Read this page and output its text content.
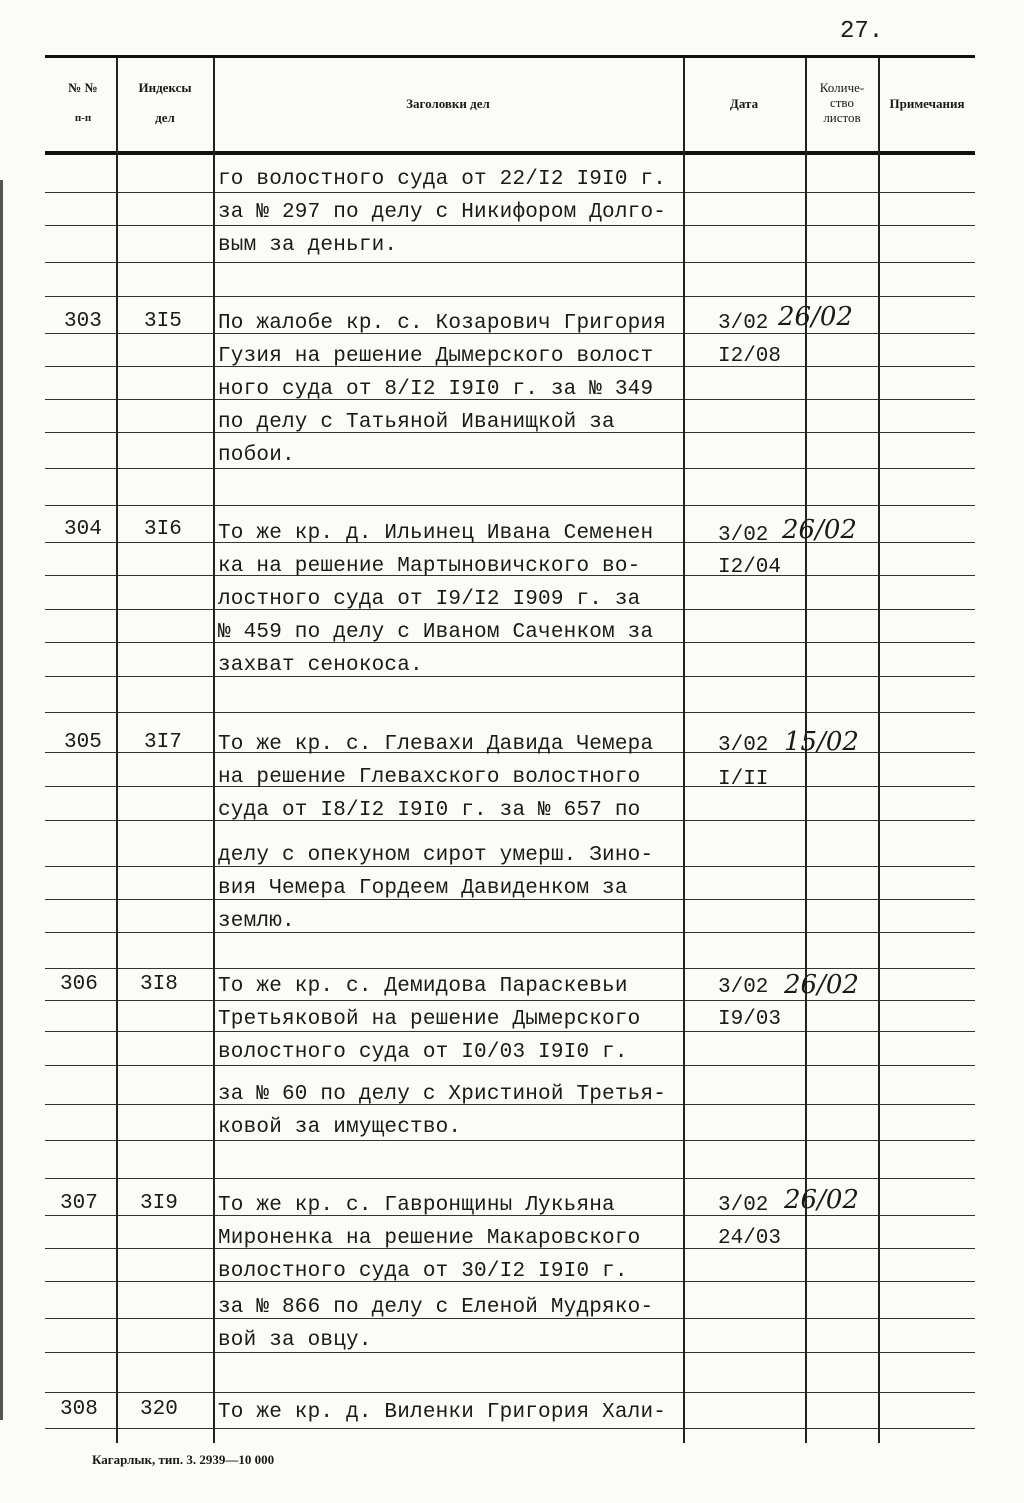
27.
№ №
п-п
Индексы
дел
Заголовки дел	Дата
Количе-
ство
листов
Примечания
го волостного суда от 22/I2 I9I0 г.
за № 297 по делу с Никифором Долго-
вым за деньги.
303 3I5 По жалобе кр. с. Козарович Григория
Гузия на решение Дымерского волост
ного суда от 8/I2 I9I0 г. за № 349
по делу с Татьяной Иванищкой за
побои.
3/02
I2/08
26/02
304 3I6 То же кр. д. Ильинец Ивана Семенен
ка на решение Мартыновичского во-
лостного суда от I9/I2 I909 г. за
№ 459 по делу с Иваном Саченком за
захват сенокоса.
3/02
I2/04
26/02
305 3I7 То же кр. с. Глевахи Давида Чемера
на решение Глевахского волостного
суда от I8/I2 I9I0 г. за № 657 по
делу с опекуном сирот умерш. Зино-
вия Чемера Гордеем Давиденком за
землю.
3/02
I/II
15/02
306 3I8 То же кр. с. Демидова Параскевьи
Третьяковой на решение Дымерского
волостного суда от I0/03 I9I0 г.
за № 60 по делу с Христиной Третья-
ковой за имущество.
3/02
I9/03
26/02
307 3I9 То же кр. с. Гавронщины Лукьяна
Мироненка на решение Макаровского
волостного суда от 30/I2 I9I0 г.
за № 866 по делу с Еленой Мудряко-
вой за овцу.
3/02
24/03
26/02
308 320 То же кр. д. Виленки Григория Хали-
Кагарлык, тип. 3. 2939—10 000
